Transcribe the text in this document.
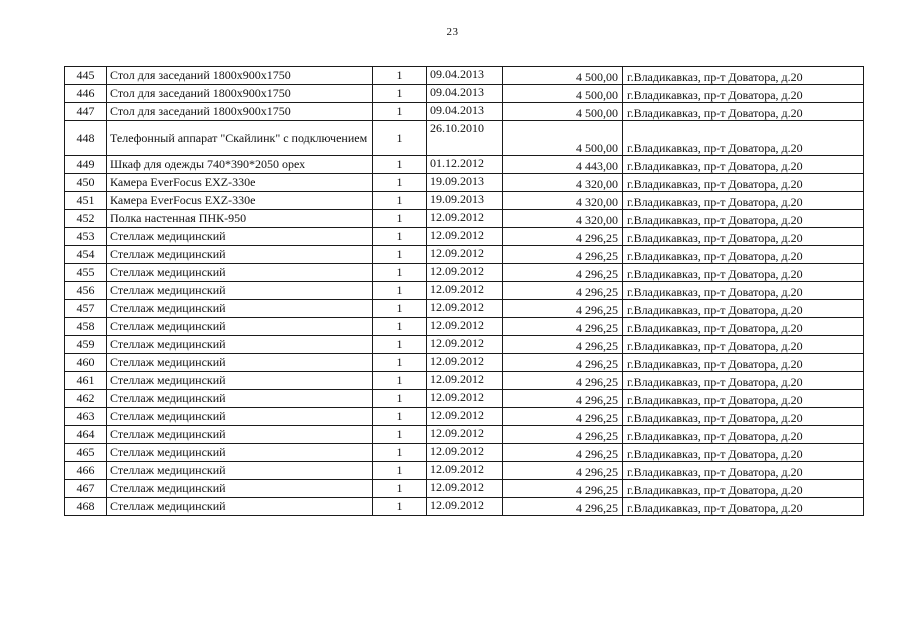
23
445	Стол для заседаний 1800х900х1750	1	09.04.2013	4 500,00	г.Владикавказ, пр-т Доватора, д.20
446	Стол для заседаний 1800х900х1750	1	09.04.2013	4 500,00	г.Владикавказ, пр-т Доватора, д.20
447	Стол для заседаний 1800х900х1750	1	09.04.2013	4 500,00	г.Владикавказ, пр-т Доватора, д.20
448	Телефонный аппарат "Скайлинк" с подключением	1	26.10.2010	4 500,00	г.Владикавказ, пр-т Доватора, д.20
449	Шкаф для одежды 740*390*2050 орех	1	01.12.2012	4 443,00	г.Владикавказ, пр-т Доватора, д.20
450	Камера EverFocus EXZ-330e	1	19.09.2013	4 320,00	г.Владикавказ, пр-т Доватора, д.20
451	Камера EverFocus EXZ-330e	1	19.09.2013	4 320,00	г.Владикавказ, пр-т Доватора, д.20
452	Полка настенная ПНК-950	1	12.09.2012	4 320,00	г.Владикавказ, пр-т Доватора, д.20
453	Стеллаж медицинский	1	12.09.2012	4 296,25	г.Владикавказ, пр-т Доватора, д.20
454	Стеллаж медицинский	1	12.09.2012	4 296,25	г.Владикавказ, пр-т Доватора, д.20
455	Стеллаж медицинский	1	12.09.2012	4 296,25	г.Владикавказ, пр-т Доватора, д.20
456	Стеллаж медицинский	1	12.09.2012	4 296,25	г.Владикавказ, пр-т Доватора, д.20
457	Стеллаж медицинский	1	12.09.2012	4 296,25	г.Владикавказ, пр-т Доватора, д.20
458	Стеллаж медицинский	1	12.09.2012	4 296,25	г.Владикавказ, пр-т Доватора, д.20
459	Стеллаж медицинский	1	12.09.2012	4 296,25	г.Владикавказ, пр-т Доватора, д.20
460	Стеллаж медицинский	1	12.09.2012	4 296,25	г.Владикавказ, пр-т Доватора, д.20
461	Стеллаж медицинский	1	12.09.2012	4 296,25	г.Владикавказ, пр-т Доватора, д.20
462	Стеллаж медицинский	1	12.09.2012	4 296,25	г.Владикавказ, пр-т Доватора, д.20
463	Стеллаж медицинский	1	12.09.2012	4 296,25	г.Владикавказ, пр-т Доватора, д.20
464	Стеллаж медицинский	1	12.09.2012	4 296,25	г.Владикавказ, пр-т Доватора, д.20
465	Стеллаж медицинский	1	12.09.2012	4 296,25	г.Владикавказ, пр-т Доватора, д.20
466	Стеллаж медицинский	1	12.09.2012	4 296,25	г.Владикавказ, пр-т Доватора, д.20
467	Стеллаж медицинский	1	12.09.2012	4 296,25	г.Владикавказ, пр-т Доватора, д.20
468	Стеллаж медицинский	1	12.09.2012	4 296,25	г.Владикавказ, пр-т Доватора, д.20
